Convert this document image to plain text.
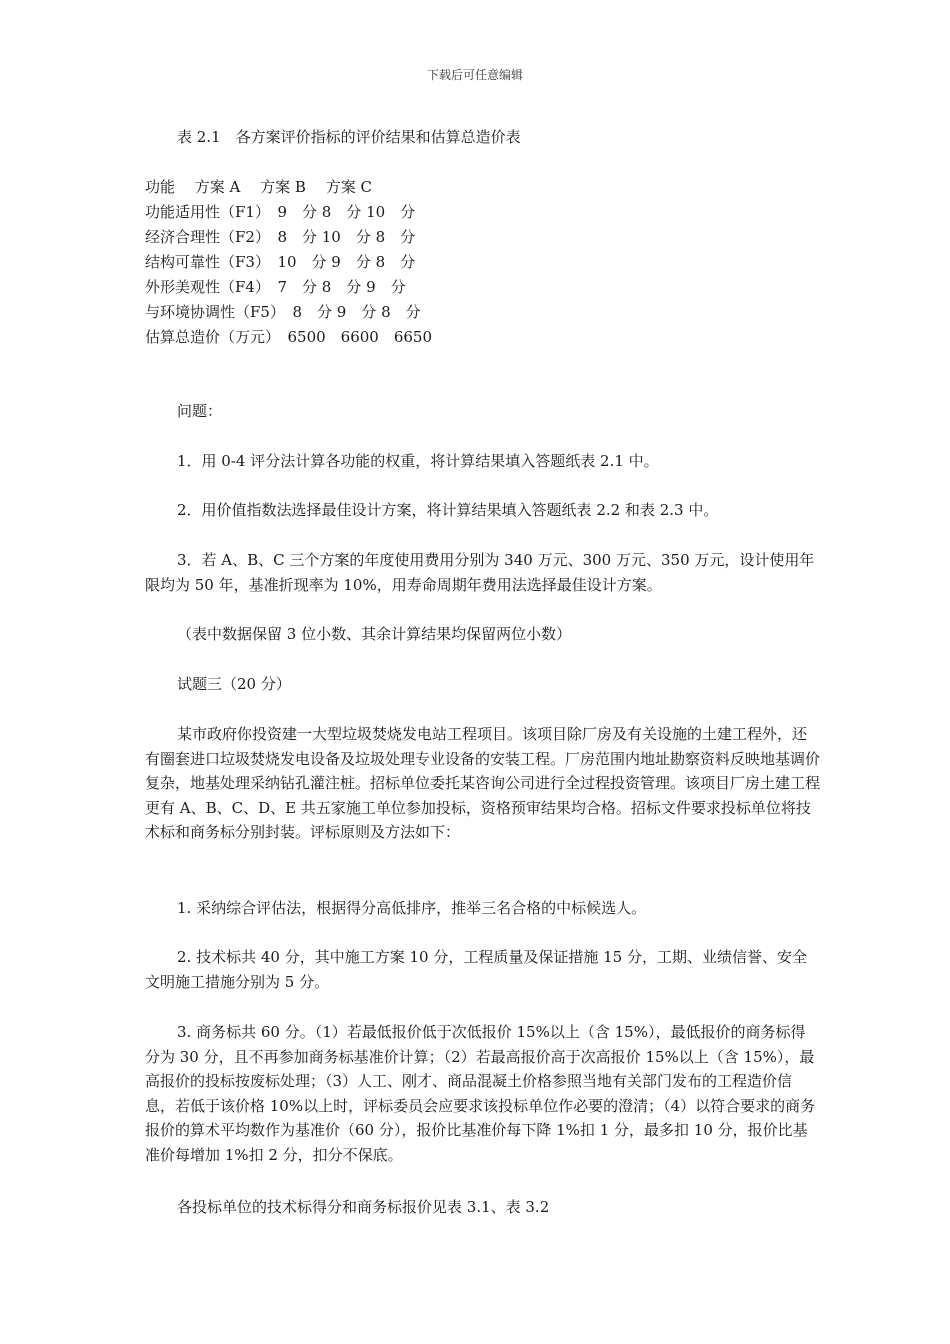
下载后可任意编辑
表 2.1　各方案评价指标的评价结果和估算总造价表
功能　 方案 A　 方案 B　 方案 C
功能适用性（F1）　9　分 8　分 10　分
经济合理性（F2）　8　分 10　分 8　分
结构可靠性（F3）　10　分 9　分 8　分
外形美观性（F4）　7　分 8　分 9　分
与环境协调性（F5）　8　分 9　分 8　分
估算总造价（万元）　6500　6600　6650
问题：

1．用 0-4 评分法计算各功能的权重，将计算结果填入答题纸表 2.1 中。

2．用价值指数法选择最佳设计方案，将计算结果填入答题纸表 2.2 和表 2.3 中。

3．若 A、B、C 三个方案的年度使用费用分别为 340 万元、300 万元、350 万元，设计使用年限均为 50 年，基准折现率为 10%，用寿命周期年费用法选择最佳设计方案。

（表中数据保留 3 位小数、其余计算结果均保留两位小数）

试题三（20 分）

某市政府你投资建一大型垃圾焚烧发电站工程项目。该项目除厂房及有关设施的土建工程外，还有圈套进口垃圾焚烧发电设备及垃圾处理专业设备的安装工程。厂房范围内地址勘察资料反映地基调价复杂，地基处理采纳钻孔灌注桩。招标单位委托某咨询公司进行全过程投资管理。该项目厂房土建工程更有 A、B、C、D、E 共五家施工单位参加投标，资格预审结果均合格。招标文件要求投标单位将技术标和商务标分别封装。评标原则及方法如下：

1. 采纳综合评估法，根据得分高低排序，推举三名合格的中标候选人。

2. 技术标共 40 分，其中施工方案 10 分，工程质量及保证措施 15 分，工期、业绩信誉、安全文明施工措施分别为 5 分。

3. 商务标共 60 分。（1）若最低报价低于次低报价 15%以上（含 15%），最低报价的商务标得分为 30 分，且不再参加商务标基准价计算；（2）若最高报价高于次高报价 15%以上（含 15%），最高报价的投标按废标处理；（3）人工、刚才、商品混凝土价格参照当地有关部门发布的工程造价信息，若低于该价格 10%以上时，评标委员会应要求该投标单位作必要的澄清；（4）以符合要求的商务报价的算术平均数作为基准价（60 分），报价比基准价每下降 1%扣 1 分，最多扣 10 分，报价比基准价每增加 1%扣 2 分，扣分不保底。

各投标单位的技术标得分和商务标报价见表 3.1、表 3.2
